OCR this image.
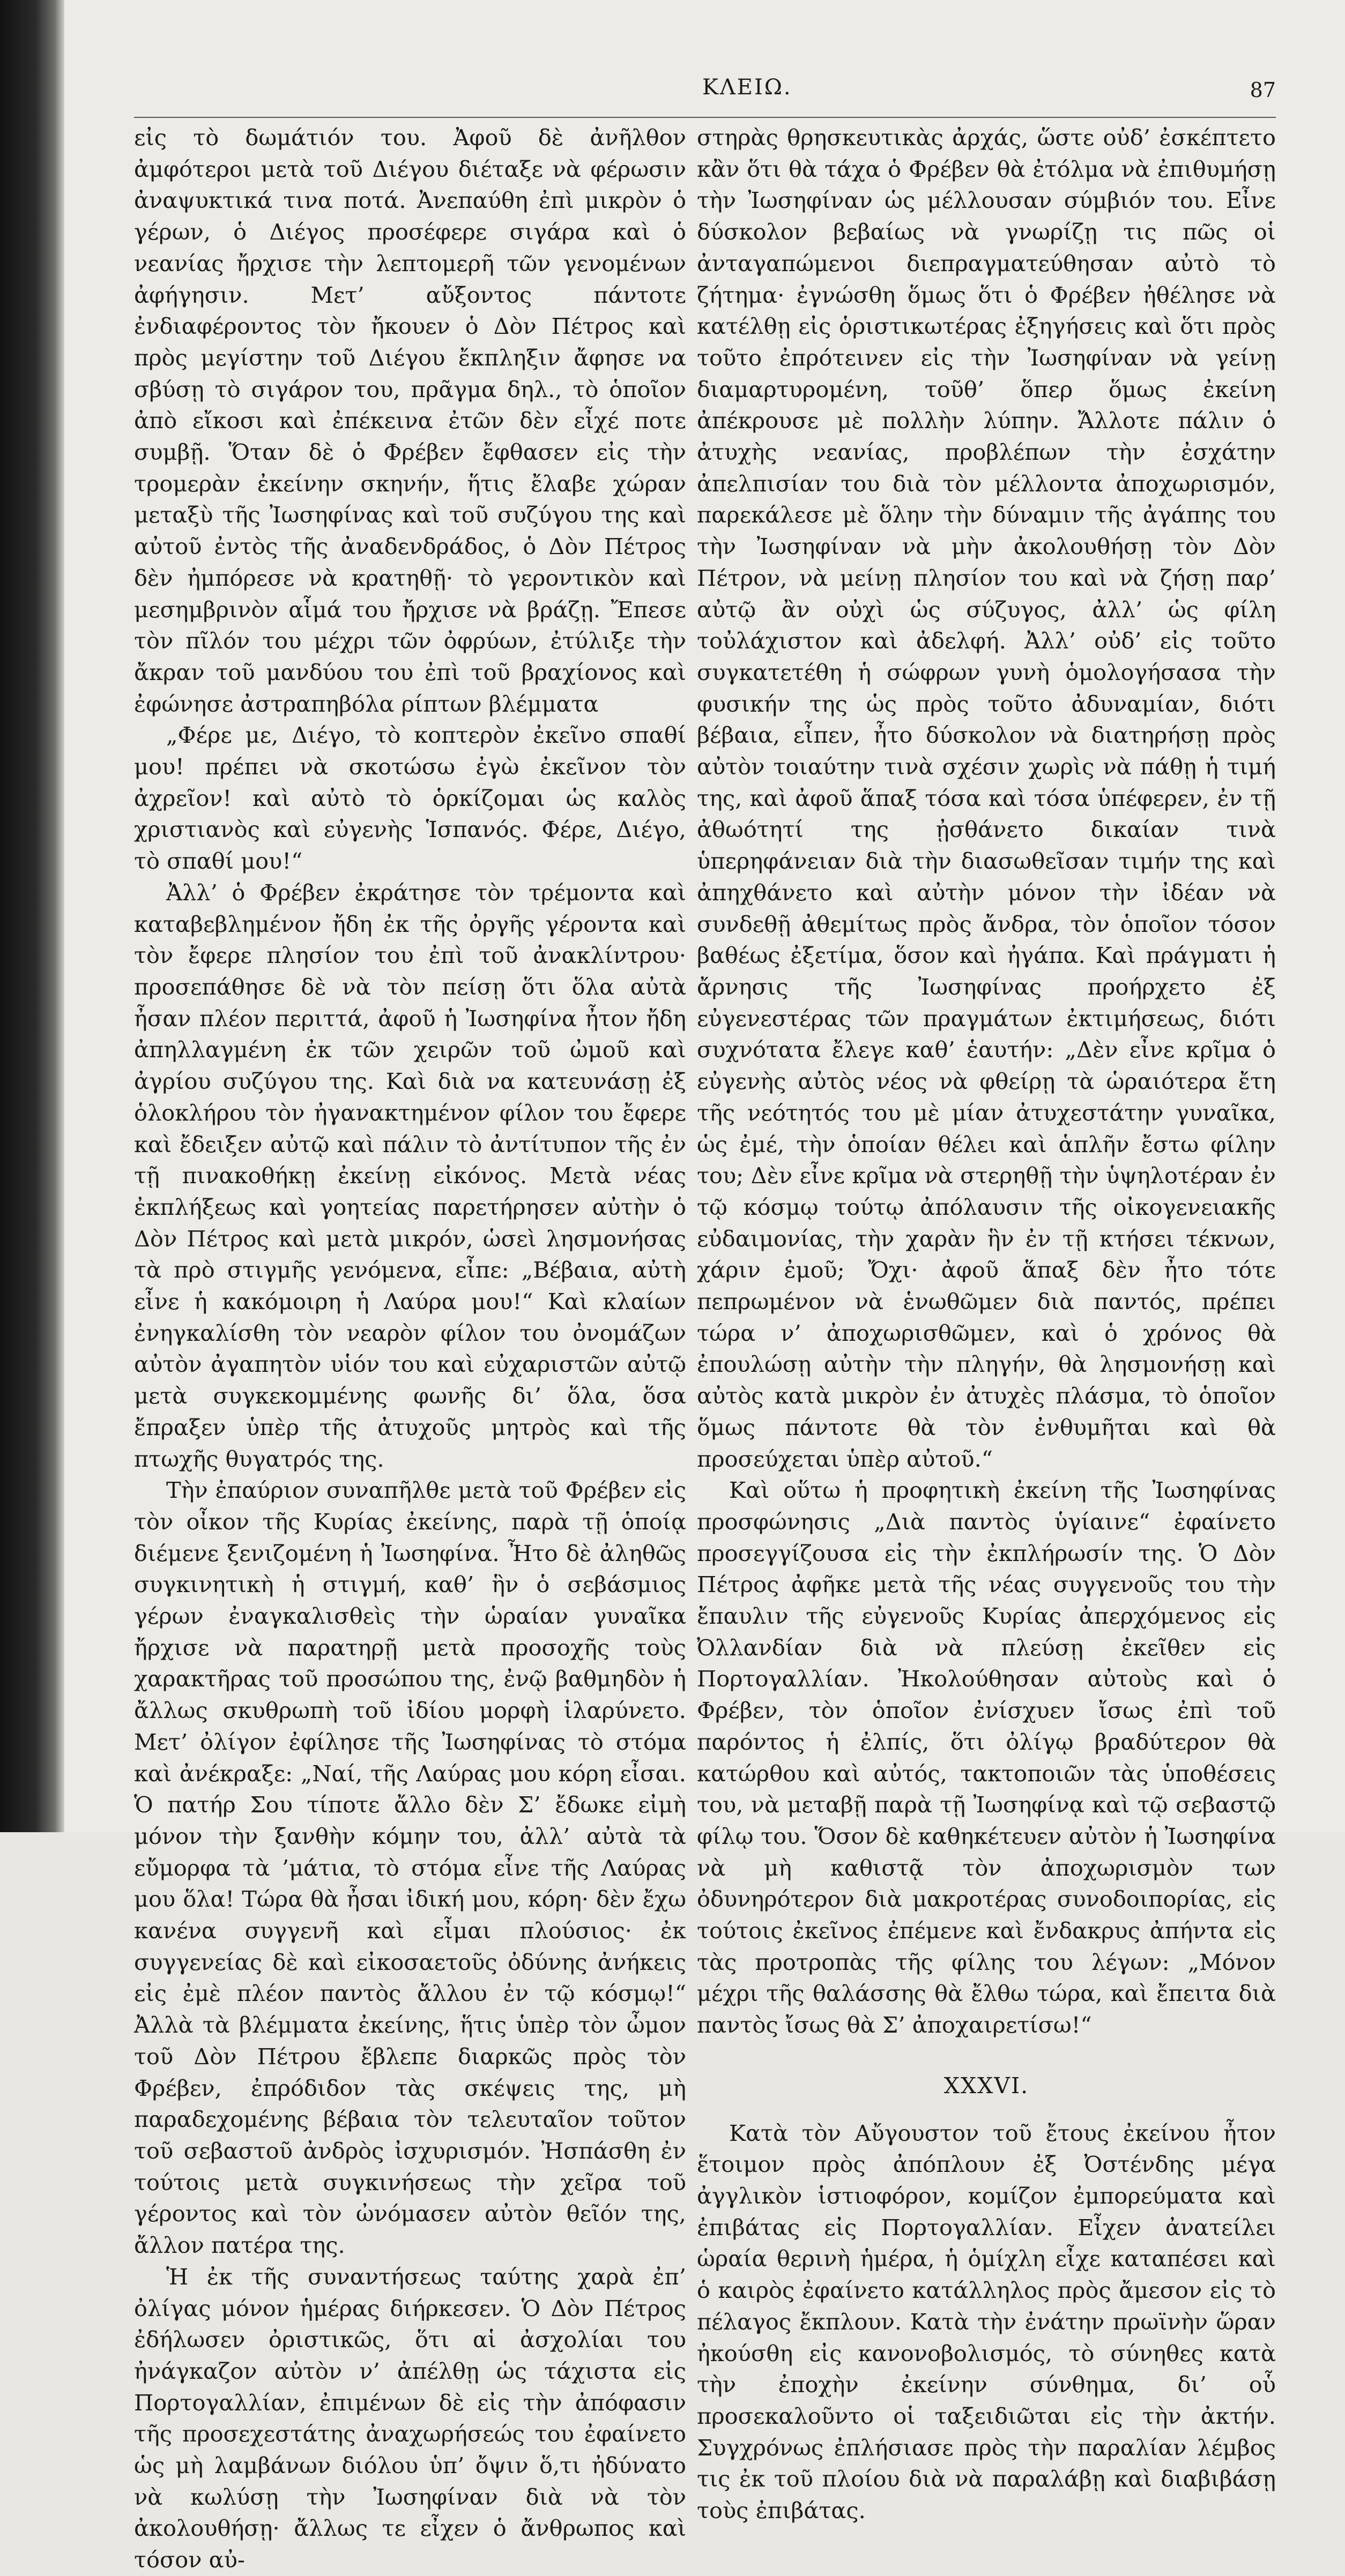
ΚΛΕΙΩ.	87

εἰς τὸ δωμάτιόν του. Ἀφοῦ δὲ ἀνῆλθον ἀμφότεροι μετὰ τοῦ Διέγου διέταξε νὰ φέρωσιν ἀναψυκτικά τινα ποτά. Ἀνεπαύθη ἐπὶ μικρὸν ὁ γέρων, ὁ Διέγος προσέφερε σιγάρα καὶ ὁ νεανίας ἤρχισε τὴν λεπτομερῆ τῶν γενομένων ἀφήγησιν. Μετ’ αὔξοντος πάντοτε ἐνδιαφέροντος τὸν ἤκουεν ὁ Δὸν Πέτρος καὶ πρὸς μεγίστην τοῦ Διέγου ἔκπληξιν ἄφησε να σβύσῃ τὸ σιγάρον του, πρᾶγμα δηλ., τὸ ὁποῖον ἀπὸ εἴκοσι καὶ ἐπέκεινα ἐτῶν δὲν εἶχέ ποτε συμβῇ. Ὅταν δὲ ὁ Φρέβεν ἔφθασεν εἰς τὴν τρομερὰν ἐκείνην σκηνήν, ἥτις ἔλαβε χώραν μεταξὺ τῆς Ἰωσηφίνας καὶ τοῦ συζύγου της καὶ αὐτοῦ ἐντὸς τῆς ἀναδενδράδος, ὁ Δὸν Πέτρος δὲν ἠμπόρεσε νὰ κρατηθῇ· τὸ γεροντικὸν καὶ μεσημβρινὸν αἷμά του ἤρχισε νὰ βράζῃ. Ἔπεσε τὸν πῖλόν του μέχρι τῶν ὀφρύων, ἐτύλιξε τὴν ἄκραν τοῦ μανδύου του ἐπὶ τοῦ βραχίονος καὶ ἐφώνησε ἀστραπηβόλα ρίπτων βλέμματα

„Φέρε με, Διέγο, τὸ κοπτερὸν ἐκεῖνο σπαθί μου! πρέπει νὰ σκοτώσω ἐγὼ ἐκεῖνον τὸν ἀχρεῖον! καὶ αὐτὸ τὸ ὁρκίζομαι ὡς καλὸς χριστιανὸς καὶ εὐγενὴς Ἱσπανός. Φέρε, Διέγο, τὸ σπαθί μου!“

Ἀλλ’ ὁ Φρέβεν ἐκράτησε τὸν τρέμοντα καὶ καταβεβλημένον ἤδη ἐκ τῆς ὀργῆς γέροντα καὶ τὸν ἔφερε πλησίον του ἐπὶ τοῦ ἀνακλίντρου· προσεπάθησε δὲ νὰ τὸν πείσῃ ὅτι ὅλα αὐτὰ ἦσαν πλέον περιττά, ἀφοῦ ἡ Ἰωσηφίνα ἦτον ἤδη ἀπηλλαγμένη ἐκ τῶν χειρῶν τοῦ ὠμοῦ καὶ ἀγρίου συζύγου της. Καὶ διὰ να κατευνάσῃ ἐξ ὁλοκλήρου τὸν ἠγανακτημένον φίλον του ἔφερε καὶ ἔδειξεν αὐτῷ καὶ πάλιν τὸ ἀντίτυπον τῆς ἐν τῇ πινακοθήκῃ ἐκείνῃ εἰκόνος. Μετὰ νέας ἐκπλήξεως καὶ γοητείας παρετήρησεν αὐτὴν ὁ Δὸν Πέτρος καὶ μετὰ μικρόν, ὡσεὶ λησμονήσας τὰ πρὸ στιγμῆς γενόμενα, εἶπε: „Βέβαια, αὐτὴ εἶνε ἡ κακόμοιρη ἡ Λαύρα μου!“ Καὶ κλαίων ἐνηγκαλίσθη τὸν νεαρὸν φίλον του ὀνομάζων αὐτὸν ἀγαπητὸν υἱόν του καὶ εὐχαριστῶν αὐτῷ μετὰ συγκεκομμένης φωνῆς δι’ ὅλα, ὅσα ἔπραξεν ὑπὲρ τῆς ἀτυχοῦς μητρὸς καὶ τῆς πτωχῆς θυγατρός της.

Τὴν ἐπαύριον συναπῆλθε μετὰ τοῦ Φρέβεν εἰς τὸν οἶκον τῆς Κυρίας ἐκείνης, παρὰ τῇ ὁποίᾳ διέμενε ξενιζομένη ἡ Ἰωσηφίνα. Ἦτο δὲ ἀληθῶς συγκινητικὴ ἡ στιγμή, καθ’ ἣν ὁ σεβάσμιος γέρων ἐναγκαλισθεὶς τὴν ὡραίαν γυναῖκα ἤρχισε νὰ παρατηρῇ μετὰ προσοχῆς τοὺς χαρακτῆρας τοῦ προσώπου της, ἐνῷ βαθμηδὸν ἡ ἄλλως σκυθρωπὴ τοῦ ἰδίου μορφὴ ἱλαρύνετο. Μετ’ ὀλίγον ἐφίλησε τῆς Ἰωσηφίνας τὸ στόμα καὶ ἀνέκραξε: „Ναί, τῆς Λαύρας μου κόρη εἶσαι. Ὁ πατήρ Σου τίποτε ἄλλο δὲν Σ’ ἔδωκε εἰμὴ μόνον τὴν ξανθὴν κόμην του, ἀλλ’ αὐτὰ τὰ εὔμορφα τὰ ’μάτια, τὸ στόμα εἶνε τῆς Λαύρας μου ὅλα! Τώρα θὰ ἦσαι ἰδική μου, κόρη· δὲν ἔχω κανένα συγγενῆ καὶ εἶμαι πλούσιος· ἐκ συγγενείας δὲ καὶ εἰκοσαετοῦς ὀδύνης ἀνήκεις εἰς ἐμὲ πλέον παντὸς ἄλλου ἐν τῷ κόσμῳ!“ Ἀλλὰ τὰ βλέμματα ἐκείνης, ἥτις ὑπὲρ τὸν ὦμον τοῦ Δὸν Πέτρου ἔβλεπε διαρκῶς πρὸς τὸν Φρέβεν, ἐπρόδιδον τὰς σκέψεις της, μὴ παραδεχομένης βέβαια τὸν τελευταῖον τοῦτον τοῦ σεβαστοῦ ἀνδρὸς ἰσχυρισμόν. Ἠσπάσθη ἐν τούτοις μετὰ συγκινήσεως τὴν χεῖρα τοῦ γέροντος καὶ τὸν ὠνόμασεν αὐτὸν θεῖόν της, ἄλλον πατέρα της.

Ἡ ἐκ τῆς συναντήσεως ταύτης χαρὰ ἐπ’ ὀλίγας μόνον ἡμέρας διήρκεσεν. Ὁ Δὸν Πέτρος ἐδήλωσεν ὀριστικῶς, ὅτι αἱ ἀσχολίαι του ἠνάγκαζον αὐτὸν ν’ ἀπέλθῃ ὡς τάχιστα εἰς Πορτογαλλίαν, ἐπιμένων δὲ εἰς τὴν ἀπόφασιν τῆς προσεχεστάτης ἀναχωρήσεώς του ἐφαίνετο ὡς μὴ λαμβάνων διόλου ὑπ’ ὄψιν ὅ,τι ἠδύνατο νὰ κωλύσῃ τὴν Ἰωσηφίναν διὰ νὰ τὸν ἀκολουθήσῃ· ἄλλως τε εἶχεν ὁ ἄνθρωπος καὶ τόσον αὐ-

στηρὰς θρησκευτικὰς ἀρχάς, ὥστε οὐδ’ ἐσκέπτετο κἂν ὅτι θὰ τάχα ὁ Φρέβεν θὰ ἐτόλμα νὰ ἐπιθυμήσῃ τὴν Ἰωσηφίναν ὡς μέλλουσαν σύμβιόν του. Εἶνε δύσκολον βεβαίως νὰ γνωρίζῃ τις πῶς οἱ ἀνταγαπώμενοι διεπραγματεύθησαν αὐτὸ τὸ ζήτημα· ἐγνώσθη ὅμως ὅτι ὁ Φρέβεν ἠθέλησε νὰ κατέλθῃ εἰς ὁριστικωτέρας ἐξηγήσεις καὶ ὅτι πρὸς τοῦτο ἐπρότεινεν εἰς τὴν Ἰωσηφίναν νὰ γείνῃ διαμαρτυρομένη, τοῦθ’ ὅπερ ὅμως ἐκείνη ἀπέκρουσε μὲ πολλὴν λύπην. Ἄλλοτε πάλιν ὁ ἀτυχὴς νεανίας, προβλέπων τὴν ἐσχάτην ἀπελπισίαν του διὰ τὸν μέλλοντα ἀποχωρισμόν, παρεκάλεσε μὲ ὅλην τὴν δύναμιν τῆς ἀγάπης του τὴν Ἰωσηφίναν νὰ μὴν ἀκολουθήσῃ τὸν Δὸν Πέτρον, νὰ μείνῃ πλησίον του καὶ νὰ ζήσῃ παρ’ αὐτῷ ἂν οὐχὶ ὡς σύζυγος, ἀλλ’ ὡς φίλη τοὐλάχιστον καὶ ἀδελφή. Ἀλλ’ οὐδ’ εἰς τοῦτο συγκατετέθη ἡ σώφρων γυνὴ ὁμολογήσασα τὴν φυσικήν της ὡς πρὸς τοῦτο ἀδυναμίαν, διότι βέβαια, εἶπεν, ἦτο δύσκολον νὰ διατηρήσῃ πρὸς αὐτὸν τοιαύτην τινὰ σχέσιν χωρὶς νὰ πάθῃ ἡ τιμή της, καὶ ἀφοῦ ἅπαξ τόσα καὶ τόσα ὑπέφερεν, ἐν τῇ ἀθωότητί της ᾐσθάνετο δικαίαν τινὰ ὑπερηφάνειαν διὰ τὴν διασωθεῖσαν τιμήν της καὶ ἀπηχθάνετο καὶ αὐτὴν μόνον τὴν ἰδέαν νὰ συνδεθῇ ἀθεμίτως πρὸς ἄνδρα, τὸν ὁποῖον τόσον βαθέως ἐξετίμα, ὅσον καὶ ἠγάπα. Καὶ πράγματι ἡ ἄρνησις τῆς Ἰωσηφίνας προήρχετο ἐξ εὐγενεστέρας τῶν πραγμάτων ἐκτιμήσεως, διότι συχνότατα ἔλεγε καθ’ ἑαυτήν: „Δὲν εἶνε κρῖμα ὁ εὐγενὴς αὐτὸς νέος νὰ φθείρῃ τὰ ὡραιότερα ἔτη τῆς νεότητός του μὲ μίαν ἀτυχεστάτην γυναῖκα, ὡς ἐμέ, τὴν ὁποίαν θέλει καὶ ἁπλῆν ἔστω φίλην του; Δὲν εἶνε κρῖμα νὰ στερηθῇ τὴν ὑψηλοτέραν ἐν τῷ κόσμῳ τούτῳ ἀπόλαυσιν τῆς οἰκογενειακῆς εὐδαιμονίας, τὴν χαρὰν ἣν ἐν τῇ κτήσει τέκνων, χάριν ἐμοῦ; Ὄχι· ἀφοῦ ἅπαξ δὲν ἦτο τότε πεπρωμένον νὰ ἑνωθῶμεν διὰ παντός, πρέπει τώρα ν’ ἀποχωρισθῶμεν, καὶ ὁ χρόνος θὰ ἐπουλώσῃ αὐτὴν τὴν πληγήν, θὰ λησμονήσῃ καὶ αὐτὸς κατὰ μικρὸν ἐν ἀτυχὲς πλάσμα, τὸ ὁποῖον ὅμως πάντοτε θὰ τὸν ἐνθυμῆται καὶ θὰ προσεύχεται ὑπὲρ αὐτοῦ.“

Καὶ οὕτω ἡ προφητικὴ ἐκείνη τῆς Ἰωσηφίνας προσφώνησις „Διὰ παντὸς ὑγίαινε“ ἐφαίνετο προσεγγίζουσα εἰς τὴν ἐκπλήρωσίν της. Ὁ Δὸν Πέτρος ἀφῆκε μετὰ τῆς νέας συγγενοῦς του τὴν ἔπαυλιν τῆς εὐγενοῦς Κυρίας ἀπερχόμενος εἰς Ὀλλανδίαν διὰ νὰ πλεύσῃ ἐκεῖθεν εἰς Πορτογαλλίαν. Ἠκολούθησαν αὐτοὺς καὶ ὁ Φρέβεν, τὸν ὁποῖον ἐνίσχυεν ἴσως ἐπὶ τοῦ παρόντος ἡ ἐλπίς, ὅτι ὀλίγῳ βραδύτερον θὰ κατώρθου καὶ αὐτός, τακτοποιῶν τὰς ὑποθέσεις του, νὰ μεταβῇ παρὰ τῇ Ἰωσηφίνᾳ καὶ τῷ σεβαστῷ φίλῳ του. Ὅσον δὲ καθηκέτευεν αὐτὸν ἡ Ἰωσηφίνα νὰ μὴ καθιστᾷ τὸν ἀποχωρισμὸν των ὀδυνηρότερον διὰ μακροτέρας συνοδοιπορίας, εἰς τούτοις ἐκεῖνος ἐπέμενε καὶ ἔνδακρυς ἀπήντα εἰς τὰς προτροπὰς τῆς φίλης του λέγων: „Μόνον μέχρι τῆς θαλάσσης θὰ ἔλθω τώρα, καὶ ἔπειτα διὰ παντὸς ἴσως θὰ Σ’ ἀποχαιρετίσω!“

XXXVI.

Κατὰ τὸν Αὔγουστον τοῦ ἔτους ἐκείνου ἦτον ἕτοιμον πρὸς ἀπόπλουν ἐξ Ὀστένδης μέγα ἀγγλικὸν ἱστιοφόρον, κομίζον ἐμπορεύματα καὶ ἐπιβάτας εἰς Πορτογαλλίαν. Εἶχεν ἀνατείλει ὡραία θερινὴ ἡμέρα, ἡ ὁμίχλη εἶχε καταπέσει καὶ ὁ καιρὸς ἐφαίνετο κατάλληλος πρὸς ἄμεσον εἰς τὸ πέλαγος ἔκπλουν. Κατὰ τὴν ἐνάτην πρωϊνὴν ὥραν ἠκούσθη εἰς κανονοβολισμός, τὸ σύνηθες κατὰ τὴν ἐποχὴν ἐκείνην σύνθημα, δι’ οὗ προσεκαλοῦντο οἱ ταξειδιῶται εἰς τὴν ἀκτήν. Συγχρόνως ἐπλήσιασε πρὸς τὴν παραλίαν λέμβος τις ἐκ τοῦ πλοίου διὰ νὰ παραλάβῃ καὶ διαβιβάσῃ τοὺς ἐπιβάτας.
